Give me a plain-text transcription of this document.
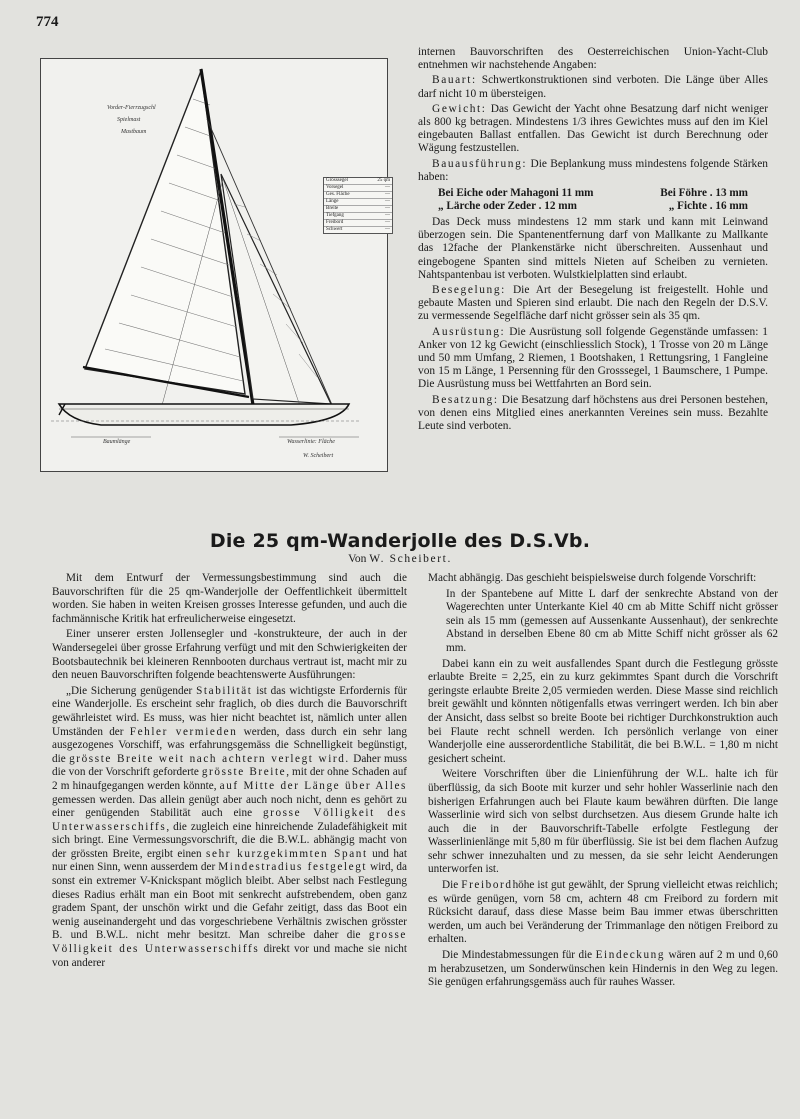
774
Vorder-Fierrzugschl
Spielmast
Mastbaum
Baumlänge	Wasserlinie: Fläche
W. Scheibert
Grosssegel	25 qm
Vorsegel	—
Ges. Fläche	—
Länge	—
Breite	—
Tiefgang	—
Freibord	—
Schwert	—

internen Bauvorschriften des Oesterreichischen Union-Yacht-Club entnehmen wir nachstehende Angaben:

Bauart: Schwertkonstruktionen sind verboten. Die Länge über Alles darf nicht 10 m übersteigen.

Gewicht: Das Gewicht der Yacht ohne Besatzung darf nicht weniger als 800 kg betragen. Mindestens 1/3 ihres Gewichtes muss auf den im Kiel eingebauten Ballast entfallen. Das Gewicht ist durch Berechnung oder Wägung festzustellen.

Bauausführung: Die Beplankung muss mindestens folgende Stärken haben:

Bei Eiche oder Mahagoni 11 mm	Bei Föhre . 13 mm
„ Lärche oder Zeder . 12 mm	„ Fichte . 16 mm

Das Deck muss mindestens 12 mm stark und kann mit Leinwand überzogen sein. Die Spantenentfernung darf von Mallkante zu Mallkante das 12fache der Plankenstärke nicht überschreiten. Aussenhaut und eingebogene Spanten sind mittels Nieten auf Scheiben zu vernieten. Nahtspantenbau ist verboten. Wulstkielplatten sind erlaubt.

Besegelung: Die Art der Besegelung ist freigestellt. Hohle und gebaute Masten und Spieren sind erlaubt. Die nach den Regeln der D.S.V. zu vermessende Segelfläche darf nicht grösser sein als 35 qm.

Ausrüstung: Die Ausrüstung soll folgende Gegenstände umfassen: 1 Anker von 12 kg Gewicht (einschliesslich Stock), 1 Trosse von 20 m Länge und 50 mm Umfang, 2 Riemen, 1 Bootshaken, 1 Rettungsring, 1 Fangleine von 15 m Länge, 1 Persenning für den Grosssegel, 1 Baumschere, 1 Pumpe. Die Ausrüstung muss bei Wettfahrten an Bord sein.

Besatzung: Die Besatzung darf höchstens aus drei Personen bestehen, von denen eins Mitglied eines anerkannten Vereines sein muss. Bezahlte Leute sind verboten.

Die 25 qm-Wanderjolle des D.S.Vb.
Von W. Scheibert.

Mit dem Entwurf der Vermessungsbestimmung sind auch die Bauvorschriften für die 25 qm-Wanderjolle der Oeffentlichkeit übermittelt worden. Sie haben in weiten Kreisen grosses Interesse gefunden, und auch die fachmännische Kritik hat erfreulicherweise eingesetzt.

Einer unserer ersten Jollensegler und -konstrukteure, der auch in der Wandersegelei über grosse Erfahrung verfügt und mit den Schwierigkeiten der Bootsbautechnik bei kleineren Rennbooten durchaus vertraut ist, macht mir zu den neuen Bauvorschriften folgende beachtenswerte Ausführungen:

„Die Sicherung genügender Stabilität ist das wichtigste Erfordernis für eine Wanderjolle. Es erscheint sehr fraglich, ob dies durch die Bauvorschrift gewährleistet wird. Es muss, was hier nicht beachtet ist, nämlich unter allen Umständen der Fehler vermieden werden, dass durch ein sehr lang ausgezogenes Vorschiff, was erfahrungsgemäss die Schnelligkeit begünstigt, die grösste Breite weit nach achtern verlegt wird. Daher muss die von der Vorschrift geforderte grösste Breite, mit der ohne Schaden auf 2 m hinaufgegangen werden könnte, auf Mitte der Länge über Alles gemessen werden. Das allein genügt aber auch noch nicht, denn es gehört zu einer genügenden Stabilität auch eine grosse Völligkeit des Unterwasserschiffs, die zugleich eine hinreichende Zuladefähigkeit mit sich bringt. Eine Vermessungsvorschrift, die die B.W.L. abhängig macht von der grössten Breite, ergibt einen sehr kurzgekimmten Spant und hat nur einen Sinn, wenn ausserdem der Mindestradius festgelegt wird, da sonst ein extremer V-Knickspant möglich bleibt. Aber selbst nach Festlegung dieses Radius erhält man ein Boot mit senkrecht aufstrebendem, oben ganz gradem Spant, der unschön wirkt und die Gefahr zeitigt, dass das Boot ein wenig auseinandergeht und das vorgeschriebene Verhältnis zwischen grösster B. und B.W.L. nicht mehr besitzt. Man schreibe daher die grosse Völligkeit des Unterwasserschiffs direkt vor und mache sie nicht von anderer

Macht abhängig. Das geschieht beispielsweise durch folgende Vorschrift:

In der Spantebene auf Mitte L darf der senkrechte Abstand von der Wagerechten unter Unterkante Kiel 40 cm ab Mitte Schiff nicht grösser sein als 15 mm (gemessen auf Aussenkante Aussenhaut), der senkrechte Abstand in derselben Ebene 80 cm ab Mitte Schiff nicht grösser als 62 mm.

Dabei kann ein zu weit ausfallendes Spant durch die Festlegung grösste erlaubte Breite = 2,25, ein zu kurz gekimmtes Spant durch die Vorschrift geringste erlaubte Breite 2,05 vermieden werden. Diese Masse sind reichlich breit gewählt und könnten nötigenfalls etwas verringert werden. Ich bin aber der Ansicht, dass selbst so breite Boote bei richtiger Durchkonstruktion auch bei Flaute recht schnell werden. Ich persönlich verlange von einer Wanderjolle eine ausserordentliche Stabilität, die bei B.W.L. = 1,80 m nicht gesichert scheint.

Weitere Vorschriften über die Linienführung der W.L. halte ich für überflüssig, da sich Boote mit kurzer und sehr hohler Wasserlinie nach den bisherigen Erfahrungen auch bei Flaute kaum bewähren dürften. Die lange Wasserlinie wird sich von selbst durchsetzen. Aus diesem Grunde halte ich auch die in der Bauvorschrift-Tabelle erfolgte Festlegung der Wasserlinienlänge mit 5,80 m für überflüssig. Sie ist bei dem flachen Aufzug sehr schwer innezuhalten und zu messen, da sie sehr leicht Aenderungen unterworfen ist.

Die Freibordhöhe ist gut gewählt, der Sprung vielleicht etwas reichlich; es würde genügen, vorn 58 cm, achtern 48 cm Freibord zu fordern mit Rücksicht darauf, dass diese Masse beim Bau immer etwas überschritten werden, um auch bei Veränderung der Trimmanlage den nötigen Freibord zu erhalten.

Die Mindestabmessungen für die Eindeckung wären auf 2 m und 0,60 m herabzusetzen, um Sonderwünschen kein Hindernis in den Weg zu legen. Sie genügen erfahrungsgemäss auch für rauhes Wasser.
